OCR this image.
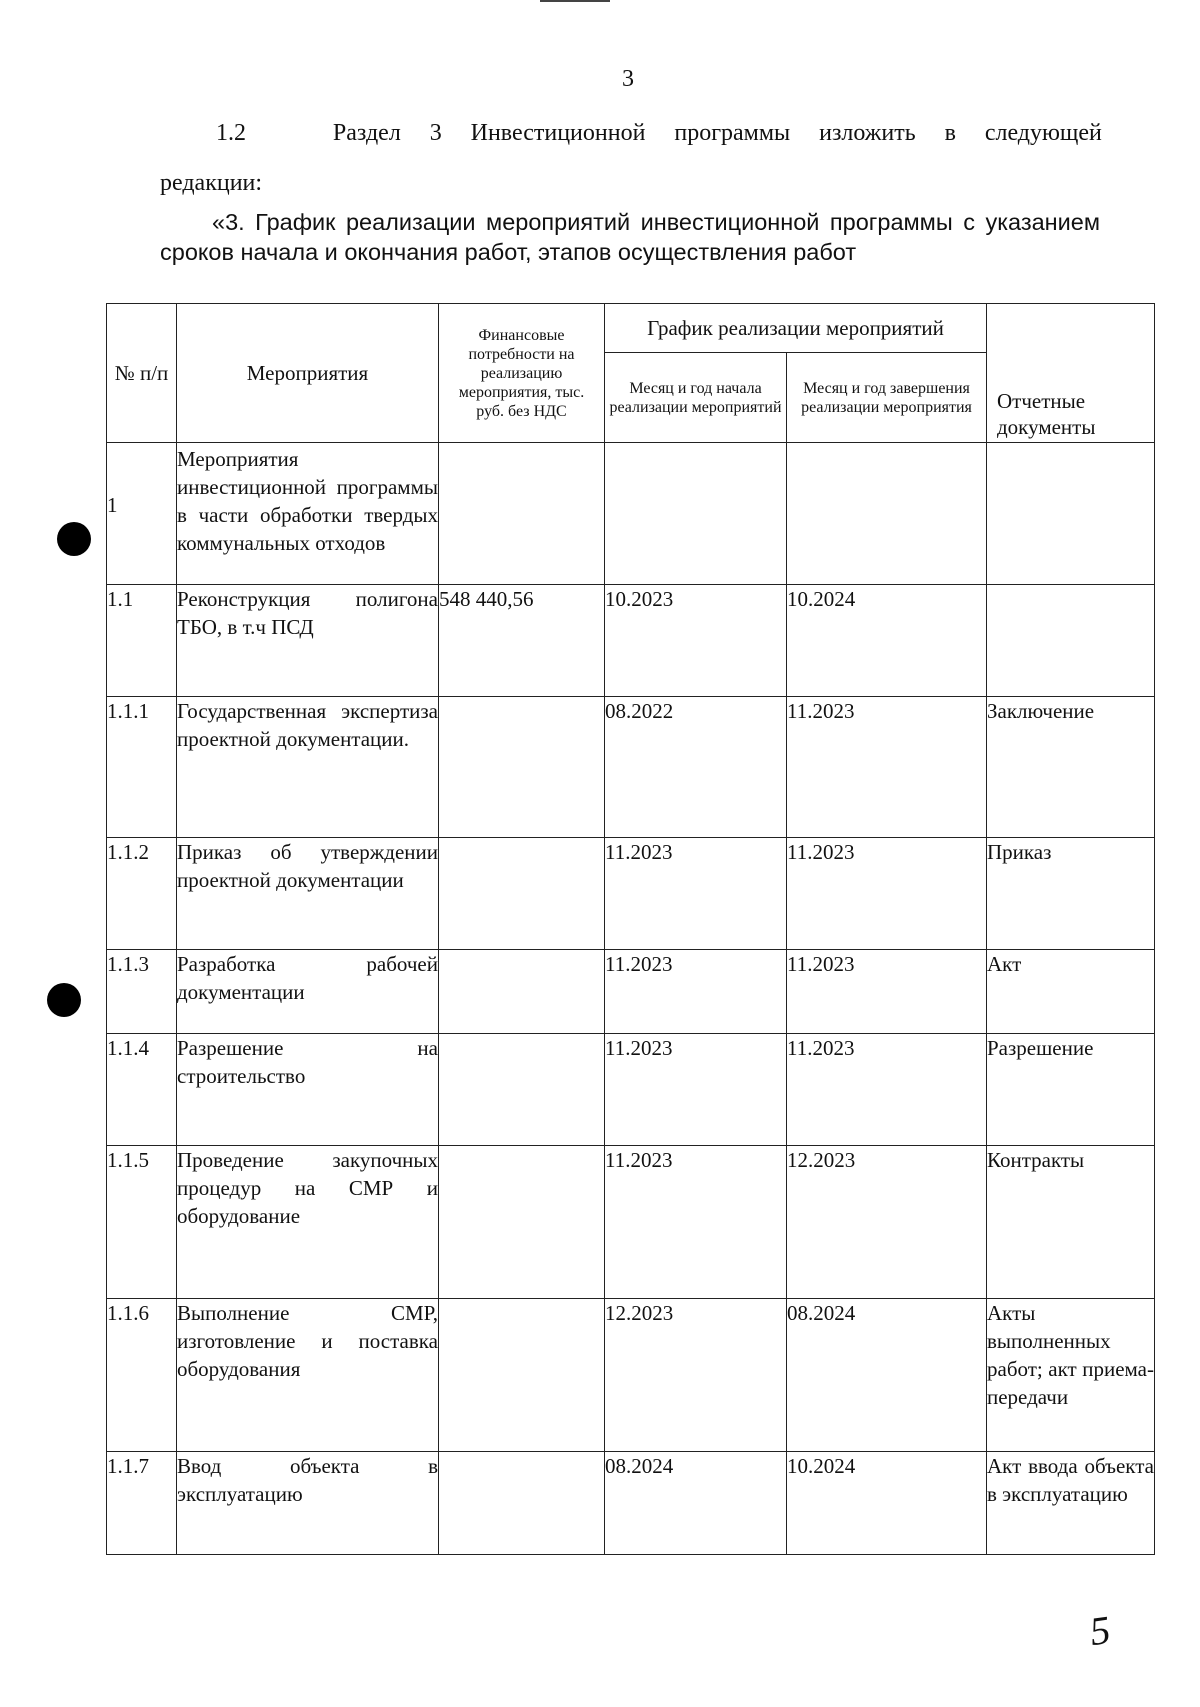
3
1.2	Раздел 3 Инвестиционной программы изложить в следующей
редакции:
«3. График реализации мероприятий инвестиционной программы с указанием сроков начала и окончания работ, этапов осуществления работ
№ п/п	Мероприятия	Финансовые потребности на реализацию мероприятия, тыс. руб. без НДС	График реализации мероприятий		Отчетные документы
			Месяц и год начала реализации мероприятий	Месяц и год завершения реализации мероприятия	
1	Мероприятия инвестиционной программы в части обработки твердых коммунальных отходов				
1.1	Реконструкция полигона ТБО, в т.ч ПСД	548 440,56	10.2023	10.2024	
1.1.1	Государственная экспертиза проектной документации.		08.2022	11.2023	Заключение
1.1.2	Приказ об утверждении проектной документации		11.2023	11.2023	Приказ
1.1.3	Разработка рабочей документации		11.2023	11.2023	Акт
1.1.4	Разрешение на строительство		11.2023	11.2023	Разрешение
1.1.5	Проведение закупочных процедур на СМР и оборудование		11.2023	12.2023	Контракты
1.1.6	Выполнение СМР, изготовление и поставка оборудования		12.2023	08.2024	Акты выполненных работ; акт приема-передачи
1.1.7	Ввод объекта в эксплуатацию		08.2024	10.2024	Акт ввода объекта в эксплуатацию
5
